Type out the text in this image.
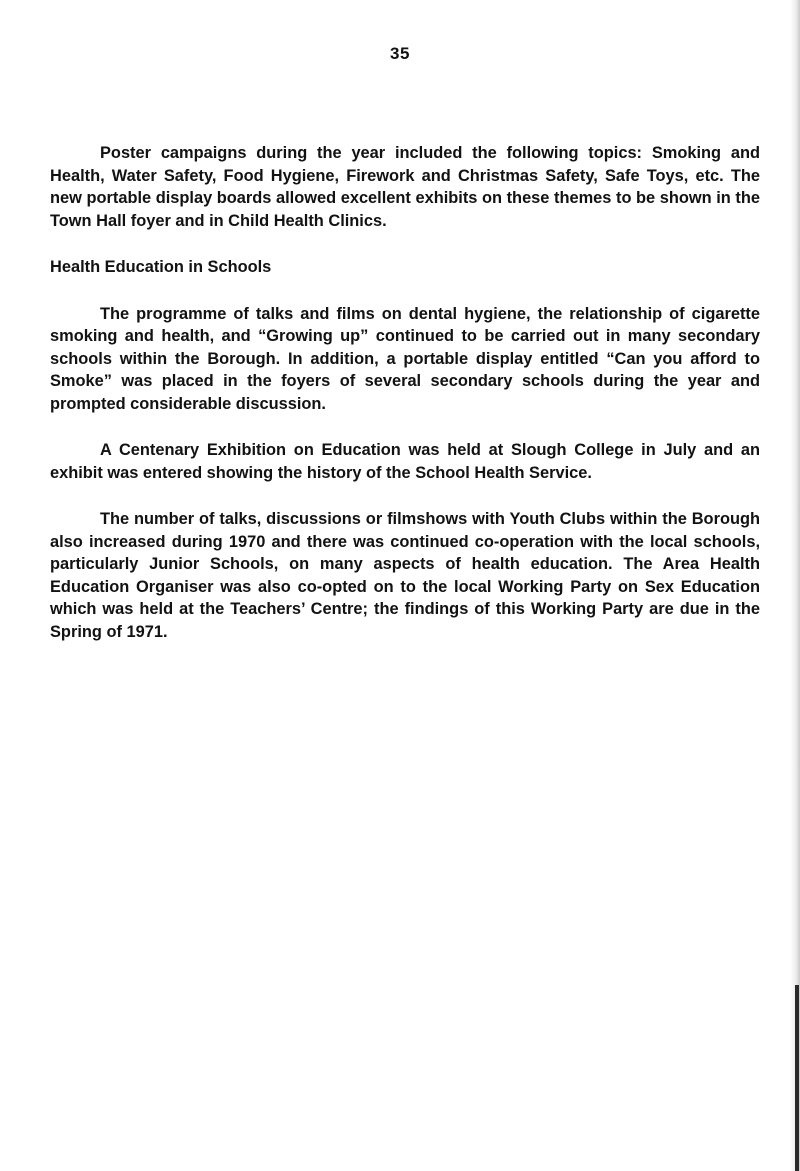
35

Poster campaigns during the year included the following topics: Smoking and Health, Water Safety, Food Hygiene, Firework and Christmas Safety, Safe Toys, etc. The new portable display boards allowed excellent exhibits on these themes to be shown in the Town Hall foyer and in Child Health Clinics.

Health Education in Schools

The programme of talks and films on dental hygiene, the relationship of cigarette smoking and health, and “Growing up” continued to be carried out in many secondary schools within the Borough. In addition, a portable display entitled “Can you afford to Smoke” was placed in the foyers of several secondary schools during the year and prompted considerable discussion.

A Centenary Exhibition on Education was held at Slough College in July and an exhibit was entered showing the history of the School Health Service.

The number of talks, discussions or filmshows with Youth Clubs within the Borough also increased during 1970 and there was continued co-operation with the local schools, particularly Junior Schools, on many aspects of health education. The Area Health Education Organiser was also co-opted on to the local Working Party on Sex Education which was held at the Teachers’ Centre; the findings of this Working Party are due in the Spring of 1971.
